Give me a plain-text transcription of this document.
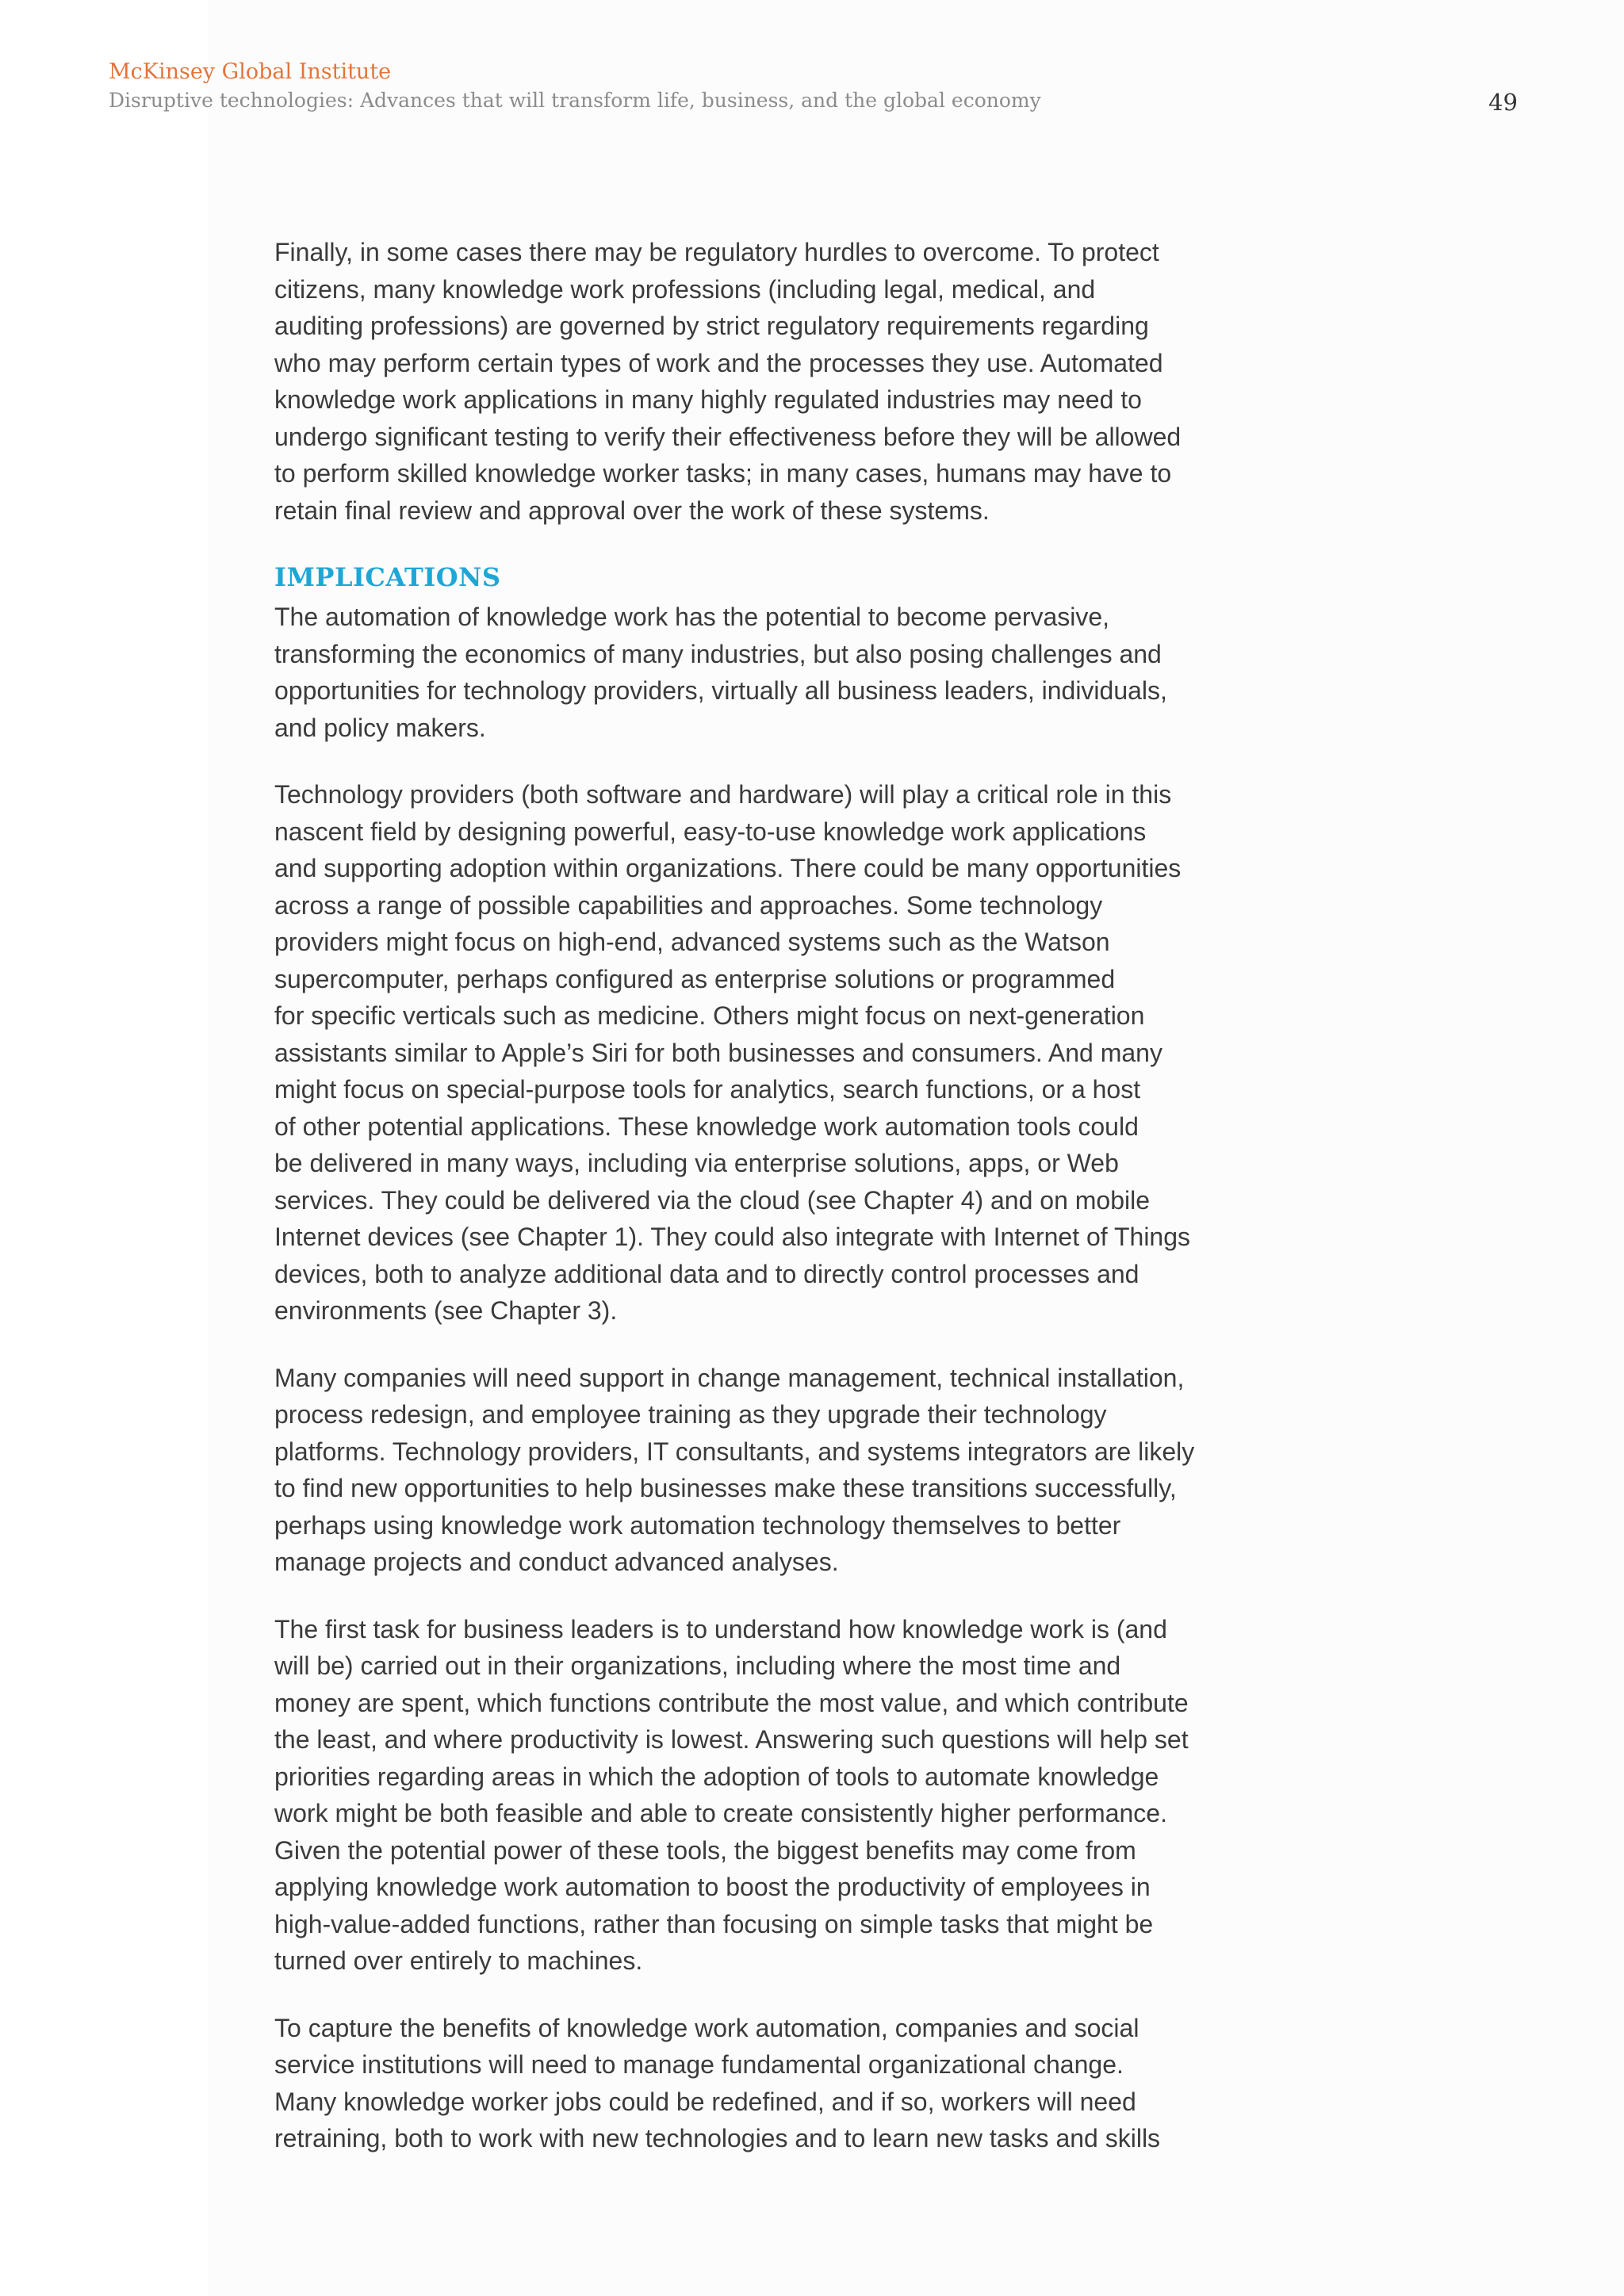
McKinsey Global Institute
Disruptive technologies: Advances that will transform life, business, and the global economy	49

Finally, in some cases there may be regulatory hurdles to overcome. To protect
citizens, many knowledge work professions (including legal, medical, and
auditing professions) are governed by strict regulatory requirements regarding
who may perform certain types of work and the processes they use. Automated
knowledge work applications in many highly regulated industries may need to
undergo significant testing to verify their effectiveness before they will be allowed
to perform skilled knowledge worker tasks; in many cases, humans may have to
retain final review and approval over the work of these systems.

IMPLICATIONS

The automation of knowledge work has the potential to become pervasive,
transforming the economics of many industries, but also posing challenges and
opportunities for technology providers, virtually all business leaders, individuals,
and policy makers.

Technology providers (both software and hardware) will play a critical role in this
nascent field by designing powerful, easy-to-use knowledge work applications
and supporting adoption within organizations. There could be many opportunities
across a range of possible capabilities and approaches. Some technology
providers might focus on high-end, advanced systems such as the Watson
supercomputer, perhaps configured as enterprise solutions or programmed
for specific verticals such as medicine. Others might focus on next-generation
assistants similar to Apple’s Siri for both businesses and consumers. And many
might focus on special-purpose tools for analytics, search functions, or a host
of other potential applications. These knowledge work automation tools could
be delivered in many ways, including via enterprise solutions, apps, or Web
services. They could be delivered via the cloud (see Chapter 4) and on mobile
Internet devices (see Chapter 1). They could also integrate with Internet of Things
devices, both to analyze additional data and to directly control processes and
environments (see Chapter 3).

Many companies will need support in change management, technical installation,
process redesign, and employee training as they upgrade their technology
platforms. Technology providers, IT consultants, and systems integrators are likely
to find new opportunities to help businesses make these transitions successfully,
perhaps using knowledge work automation technology themselves to better
manage projects and conduct advanced analyses.

The first task for business leaders is to understand how knowledge work is (and
will be) carried out in their organizations, including where the most time and
money are spent, which functions contribute the most value, and which contribute
the least, and where productivity is lowest. Answering such questions will help set
priorities regarding areas in which the adoption of tools to automate knowledge
work might be both feasible and able to create consistently higher performance.
Given the potential power of these tools, the biggest benefits may come from
applying knowledge work automation to boost the productivity of employees in
high-value-added functions, rather than focusing on simple tasks that might be
turned over entirely to machines.

To capture the benefits of knowledge work automation, companies and social
service institutions will need to manage fundamental organizational change.
Many knowledge worker jobs could be redefined, and if so, workers will need
retraining, both to work with new technologies and to learn new tasks and skills
